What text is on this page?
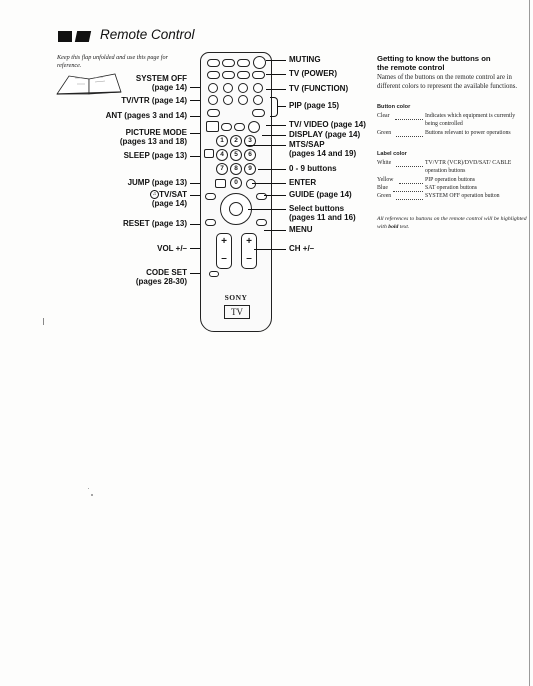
Remote Control
Keep this flap unfolded and use this page for reference.
SYSTEM OFF
(page 14)
TV/VTR (page 14)
ANT (pages 3 and 14)
PICTURE MODE
(pages 13 and 18)
SLEEP (page 13)
JUMP (page 13)
♫ TV/SAT
(page 14)
RESET (page 13)
VOL +/–
CODE SET
(pages 28-30)
1	2	3
4	5	6
7	8	9
0
+
–
+
–
SONY
TV
MUTING
TV (POWER)
TV (FUNCTION)
PIP (page 15)
TV/ VIDEO (page 14)
DISPLAY (page 14)
MTS/SAP
(pages 14 and 19)
0 - 9 buttons
ENTER
GUIDE (page 14)
Select buttons
(pages 11 and 16)
MENU
CH +/–
Getting to know the buttons on
the remote control
Names of the buttons on the remote control are in different colors to represent the available functions.
Button color
Clear	Indicates which equipment is currently being controlled
Green	Buttons relevant to power operations
Label color
White	TV/VTR (VCR)/DVD/SAT/ CABLE operation buttons
Yellow	PIP operation buttons
Blue	SAT operation buttons
Green	SYSTEM OFF operation button
All references to buttons on the remote control will be highlighted with bold text.
